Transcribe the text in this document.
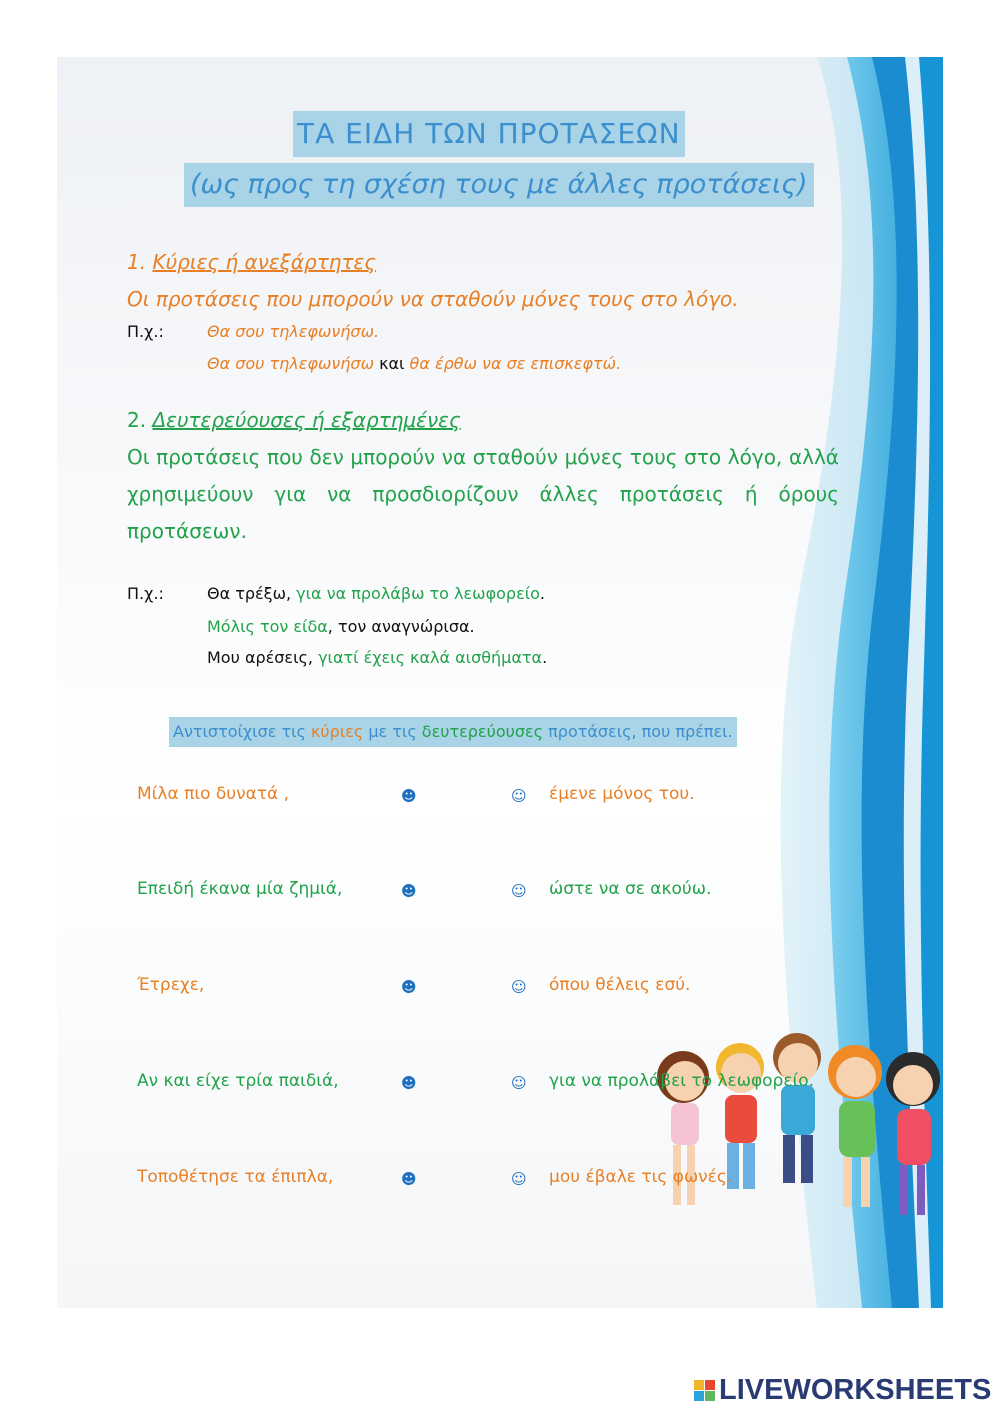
ΤΑ ΕΙΔΗ ΤΩΝ ΠΡΟΤΑΣΕΩΝ
(ως προς τη σχέση τους με άλλες προτάσεις)
1. Κύριες ή ανεξάρτητες
Οι προτάσεις που μπορούν να σταθούν μόνες τους στο λόγο.
Π.χ.:	Θα σου τηλεφωνήσω.
Θα σου τηλεφωνήσω και θα έρθω να σε επισκεφτώ.
2. Δευτερεύουσες ή εξαρτημένες
Οι προτάσεις που δεν μπορούν να σταθούν μόνες τους στο λόγο, αλλά χρησιμεύουν για να προσδιορίζουν άλλες προτάσεις ή όρους προτάσεων.
Π.χ.:	Θα τρέξω, για να προλάβω το λεωφορείο.
Μόλις τον είδα, τον αναγνώρισα.
Μου αρέσεις, γιατί έχεις καλά αισθήματα.
Αντιστοίχισε τις κύριες με τις δευτερεύουσες προτάσεις, που πρέπει.
Μίλα πιο δυνατά ,	☻	☺ έμενε μόνος του.
Επειδή έκανα μία ζημιά,	☻	☺ ώστε να σε ακούω.
Έτρεχε,	☻	☺ όπου θέλεις εσύ.
Αν και είχε τρία παιδιά,	☻	☺ για να προλάβει το λεωφορείο.
Τοποθέτησε τα έπιπλα,	☻	☺ μου έβαλε τις φωνές.
LIVEWORKSHEETS
